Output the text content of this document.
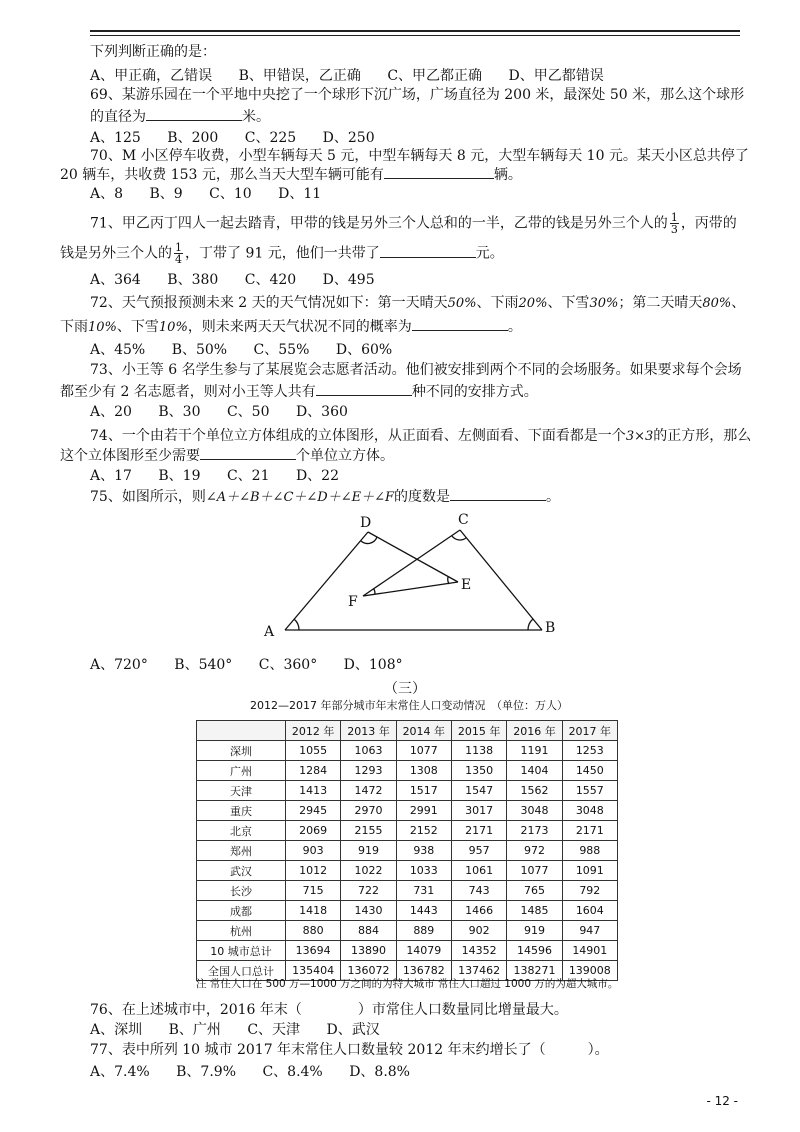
下列判断正确的是：
A、甲正确，乙错误 B、甲错误，乙正确 C、甲乙都正确 D、甲乙都错误
69、某游乐园在一个平地中央挖了一个球形下沉广场，广场直径为 200 米，最深处 50 米，那么这个球形
的直径为	米。
A、125 B、200 C、225 D、250
70、M 小区停车收费，小型车辆每天 5 元，中型车辆每天 8 元，大型车辆每天 10 元。某天小区总共停了
20 辆车，共收费 153 元，那么当天大型车辆可能有	辆。
A、8 B、9 C、10 D、11
71、甲乙丙丁四人一起去踏青，甲带的钱是另外三个人总和的一半，乙带的钱是另外三个人的 $\frac{1}{3}$ ，丙带的
钱是另外三个人的 $\frac{1}{4}$ ，丁带了 91 元，他们一共带了	元。
A、364 B、380 C、420 D、495
72、天气预报预测未来 2 天的天气情况如下：第一天晴天50%、下雨20%、下雪30%；第二天晴天80%、
下雨10%、下雪10%，则未来两天天气状况不同的概率为	。
A、45% B、50% C、55% D、60%
73、小王等 6 名学生参与了某展览会志愿者活动。他们被安排到两个不同的会场服务。如果要求每个会场
都至少有 2 名志愿者，则对小王等人共有	种不同的安排方式。
A、20 B、30 C、50 D、360
74、一个由若干个单位立方体组成的立体图形，从正面看、左侧面看、下面看都是一个3×3的正方形，那么
这个立体图形至少需要	个单位立方体。
A、17 B、19 C、21 D、22
75、如图所示，则∠A＋∠B＋∠C＋∠D＋∠E＋∠F的度数是	。
D	C
E
F
A	B
A、720° B、540° C、360° D、108°
（三）
2012—2017 年部分城市年末常住人口变动情况　（单位：万人）
	2012 年	2013 年	2014 年	2015 年	2016 年	2017 年
深圳	1055	1063	1077	1138	1191	1253
广州	1284	1293	1308	1350	1404	1450
天津	1413	1472	1517	1547	1562	1557
重庆	2945	2970	2991	3017	3048	3048
北京	2069	2155	2152	2171	2173	2171
郑州	903	919	938	957	972	988
武汉	1012	1022	1033	1061	1077	1091
长沙	715	722	731	743	765	792
成都	1418	1430	1443	1466	1485	1604
杭州	880	884	889	902	919	947
10 城市总计	13694	13890	14079	14352	14596	14901
全国人口总计	135404	136072	136782	137462	138271	139008
注 常住人口在 500 万—1000 万之间的为特大城市 常住人口超过 1000 万的为超大城市。
76、在上述城市中，2016 年末（　　　　）市常住人口数量同比增量最大。
A、深圳 B、广州 C、天津 D、武汉
77、表中所列 10 城市 2017 年末常住人口数量较 2012 年末约增长了（　　　）。
A、7.4% B、7.9% C、8.4% D、8.8%
- 12 -
